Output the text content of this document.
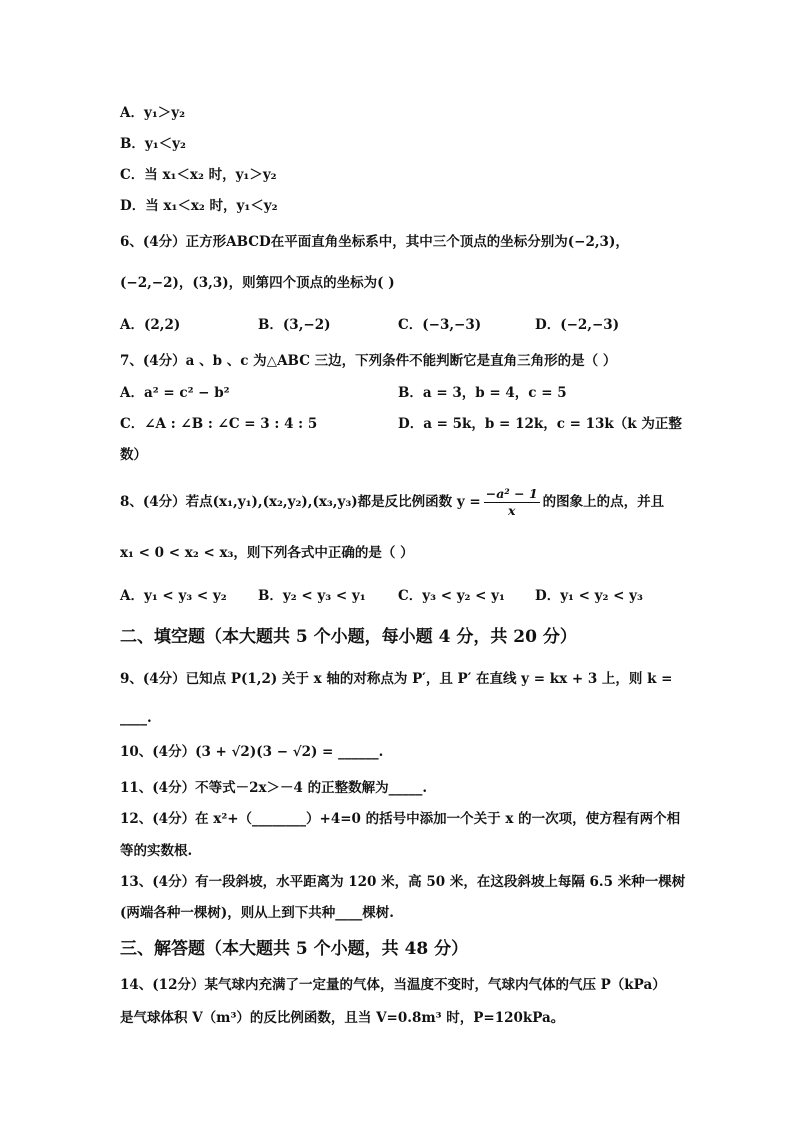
A．y₁＞y₂
B．y₁＜y₂
C．当 x₁＜x₂ 时，y₁＞y₂
D．当 x₁＜x₂ 时，y₁＜y₂
6、(4分）正方形ABCD在平面直角坐标系中，其中三个顶点的坐标分别为(−2,3)，
(−2,−2)，(3,3)，则第四个顶点的坐标为( )
A．(2,2)	B．(3,−2)	C．(−3,−3)	D．(−2,−3)
7、(4分）a 、b 、c 为△ABC 三边，下列条件不能判断它是直角三角形的是（ ）
A．a² = c² − b²	B．a = 3，b = 4，c = 5
C．∠A : ∠B : ∠C = 3 : 4 : 5	D．a = 5k，b = 12k，c = 13k（k 为正整
数）
8、(4分）若点(x₁,y₁),(x₂,y₂),(x₃,y₃)都是反比例函数 $y = \frac{\text{−a² − 1}}{x}$ 的图象上的点，并且
x₁ < 0 < x₂ < x₃，则下列各式中正确的是（ ）
A．y₁ < y₃ < y₂ B．y₂ < y₃ < y₁ C．y₃ < y₂ < y₁ D．y₁ < y₂ < y₃
二、填空题（本大题共 5 个小题，每小题 4 分，共 20 分）
9、(4分）已知点 P(1,2) 关于 x 轴的对称点为 P′，且 P′ 在直线 y = kx + 3 上，则 k =
____.
10、(4分）(3 + √2)(3 − √2) = ______.
11、(4分）不等式－2x＞－4 的正整数解为_____.
12、(4分）在 x²+（________）+4=0 的括号中添加一个关于 x 的一次项，使方程有两个相
等的实数根.
13、(4分）有一段斜坡，水平距离为 120 米，高 50 米，在这段斜坡上每隔 6.5 米种一棵树
(两端各种一棵树)，则从上到下共种____棵树.
三、解答题（本大题共 5 个小题，共 48 分）
14、(12分）某气球内充满了一定量的气体，当温度不变时，气球内气体的气压 P（kPa）
是气球体积 V（m³）的反比例函数，且当 V=0.8m³ 时，P=120kPa。
